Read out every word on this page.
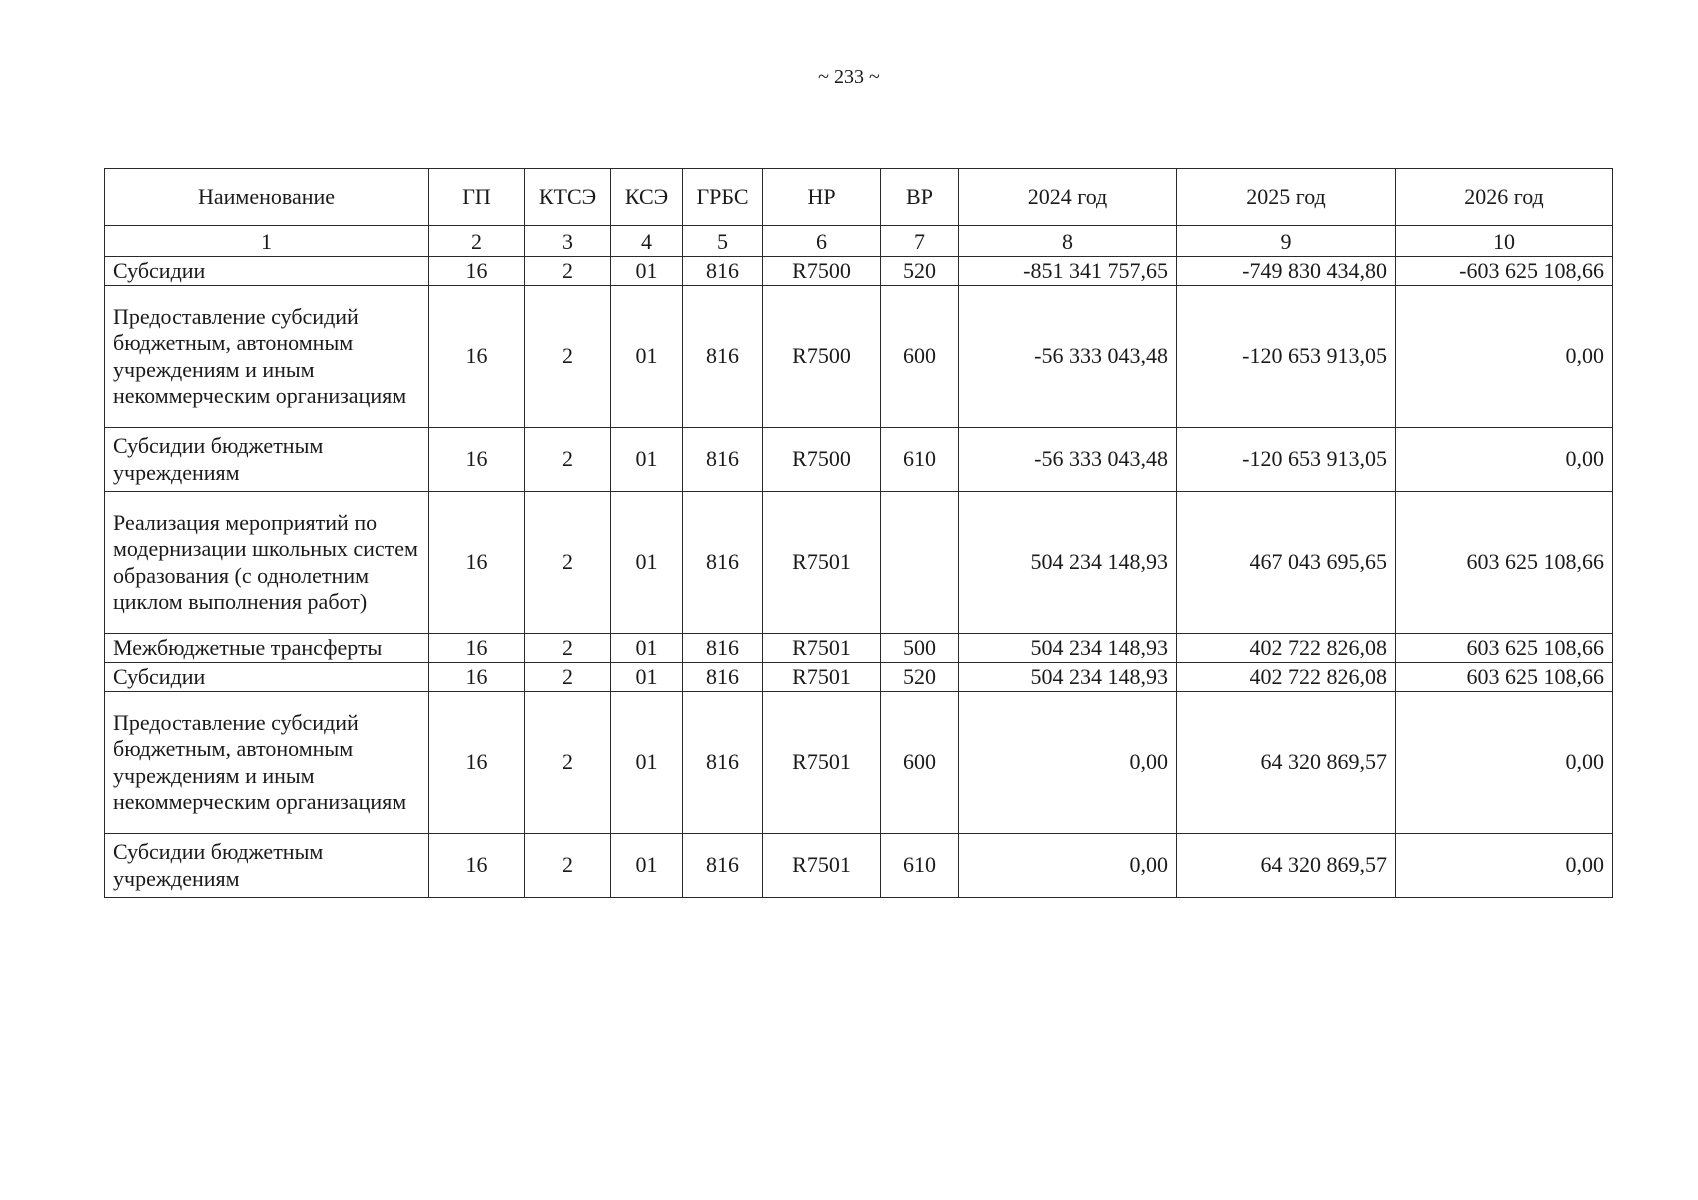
~ 233 ~
Наименование	ГП	КТСЭ	КСЭ	ГРБС	НР	ВР	2024 год	2025 год	2026 год
1	2	3	4	5	6	7	8	9	10
Субсидии	16	2	01	816	R7500	520	-851 341 757,65	-749 830 434,80	-603 625 108,66
Предоставление субсидий бюджетным, автономным учреждениям и иным некоммерческим организациям	16	2	01	816	R7500	600	-56 333 043,48	-120 653 913,05	0,00
Субсидии бюджетным учреждениям	16	2	01	816	R7500	610	-56 333 043,48	-120 653 913,05	0,00
Реализация мероприятий по модернизации школьных систем образования (с однолетним циклом выполнения работ)	16	2	01	816	R7501		504 234 148,93	467 043 695,65	603 625 108,66
Межбюджетные трансферты	16	2	01	816	R7501	500	504 234 148,93	402 722 826,08	603 625 108,66
Субсидии	16	2	01	816	R7501	520	504 234 148,93	402 722 826,08	603 625 108,66
Предоставление субсидий бюджетным, автономным учреждениям и иным некоммерческим организациям	16	2	01	816	R7501	600	0,00	64 320 869,57	0,00
Субсидии бюджетным учреждениям	16	2	01	816	R7501	610	0,00	64 320 869,57	0,00
